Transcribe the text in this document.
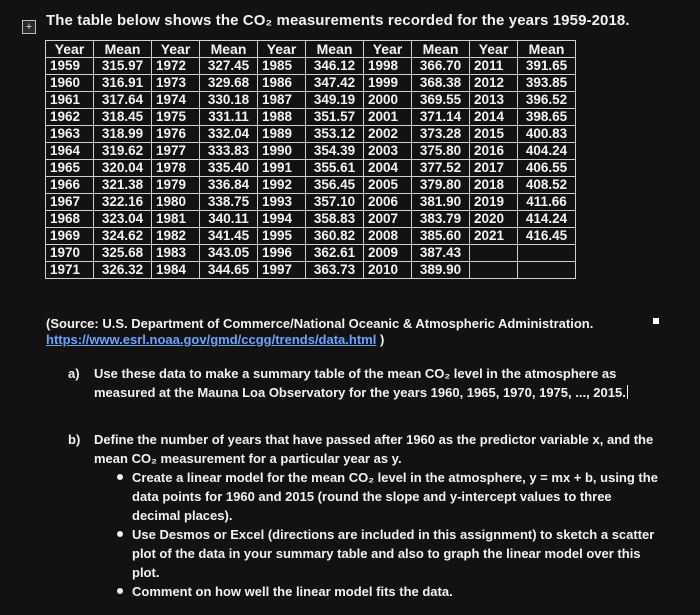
+ The table below shows the CO₂ measurements recorded for the years 1959-2018.
Year	Mean	Year	Mean	Year	Mean	Year	Mean	Year	Mean
1959	315.97	1972	327.45	1985	346.12	1998	366.70	2011	391.65
1960	316.91	1973	329.68	1986	347.42	1999	368.38	2012	393.85
1961	317.64	1974	330.18	1987	349.19	2000	369.55	2013	396.52
1962	318.45	1975	331.11	1988	351.57	2001	371.14	2014	398.65
1963	318.99	1976	332.04	1989	353.12	2002	373.28	2015	400.83
1964	319.62	1977	333.83	1990	354.39	2003	375.80	2016	404.24
1965	320.04	1978	335.40	1991	355.61	2004	377.52	2017	406.55
1966	321.38	1979	336.84	1992	356.45	2005	379.80	2018	408.52
1967	322.16	1980	338.75	1993	357.10	2006	381.90	2019	411.66
1968	323.04	1981	340.11	1994	358.83	2007	383.79	2020	414.24
1969	324.62	1982	341.45	1995	360.82	2008	385.60	2021	416.45
1970	325.68	1983	343.05	1996	362.61	2009	387.43		
1971	326.32	1984	344.65	1997	363.73	2010	389.90		
(Source: U.S. Department of Commerce/National Oceanic & Atmospheric Administration.
https://www.esrl.noaa.gov/gmd/ccgg/trends/data.html )
a) Use these data to make a summary table of the mean CO₂ level in the atmosphere as measured at the Mauna Loa Observatory for the years 1960, 1965, 1970, 1975, ..., 2015.
b) Define the number of years that have passed after 1960 as the predictor variable x, and the mean CO₂ measurement for a particular year as y.
Create a linear model for the mean CO₂ level in the atmosphere, y = mx + b, using the data points for 1960 and 2015 (round the slope and y-intercept values to three decimal places).
Use Desmos or Excel (directions are included in this assignment) to sketch a scatter plot of the data in your summary table and also to graph the linear model over this plot.
Comment on how well the linear model fits the data.
